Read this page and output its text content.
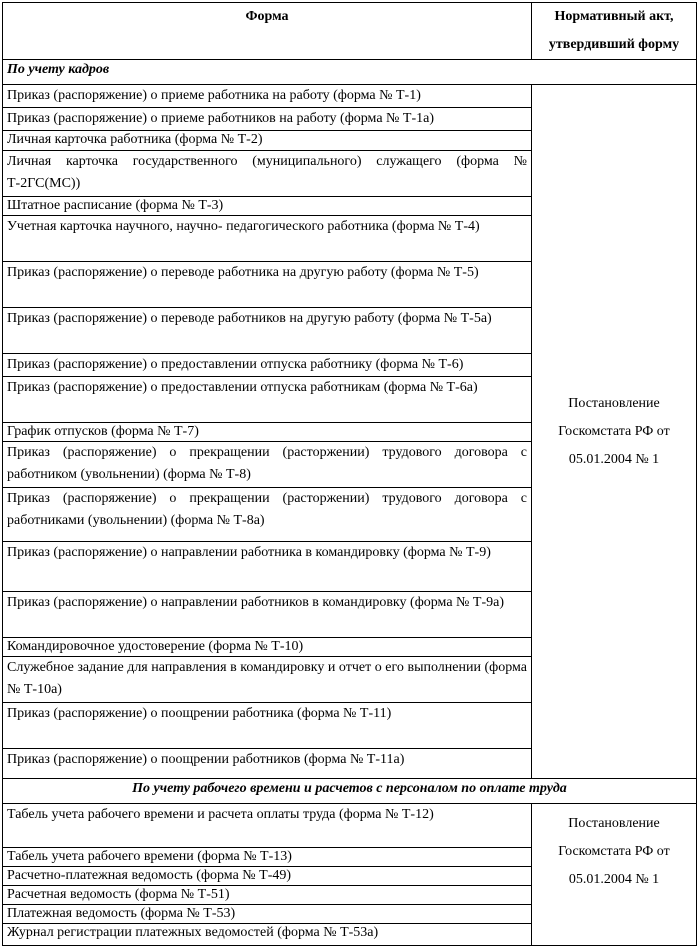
Форма	Нормативный акт, утвердивший форму
По учету кадров	
Приказ (распоряжение) о приеме работника на работу (форма № Т-1)	Постановление Госкомстата РФ от 05.01.2004 № 1
Приказ (распоряжение) о приеме работников на работу (форма № Т-1а)	
Личная карточка работника (форма № Т-2)	
Личная карточка государственного (муниципального) служащего (форма № Т-2ГС(МС))	
Штатное расписание (форма № Т-3)	
Учетная карточка научного, научно- педагогического работника (форма № Т-4)	
Приказ (распоряжение) о переводе работника на другую работу (форма № Т-5)	
Приказ (распоряжение) о переводе работников на другую работу (форма № Т-5а)	
Приказ (распоряжение) о предоставлении отпуска работнику (форма № Т-6)	
Приказ (распоряжение) о предоставлении отпуска работникам (форма № Т-6а)	
График отпусков (форма № Т-7)	
Приказ (распоряжение) о прекращении (расторжении) трудового договора с работником (увольнении) (форма № Т-8)	
Приказ (распоряжение) о прекращении (расторжении) трудового договора с работниками (увольнении) (форма № Т-8а)	
Приказ (распоряжение) о направлении работника в командировку (форма № Т-9)	
Приказ (распоряжение) о направлении работников в командировку (форма № Т-9а)	
Командировочное удостоверение (форма № Т-10)	
Служебное задание для направления в командировку и отчет о его выполнении (форма № Т-10а)	
Приказ (распоряжение) о поощрении работника (форма № Т-11)	
Приказ (распоряжение) о поощрении работников (форма № Т-11а)	
По учету рабочего времени и расчетов с персоналом по оплате труда	
Табель учета рабочего времени и расчета оплаты труда (форма № Т-12)	Постановление Госкомстата РФ от 05.01.2004 № 1
Табель учета рабочего времени (форма № Т-13)	
Расчетно-платежная ведомость (форма № Т-49)	
Расчетная ведомость (форма № Т-51)	
Платежная ведомость (форма № Т-53)	
Журнал регистрации платежных ведомостей (форма № Т-53а)	
